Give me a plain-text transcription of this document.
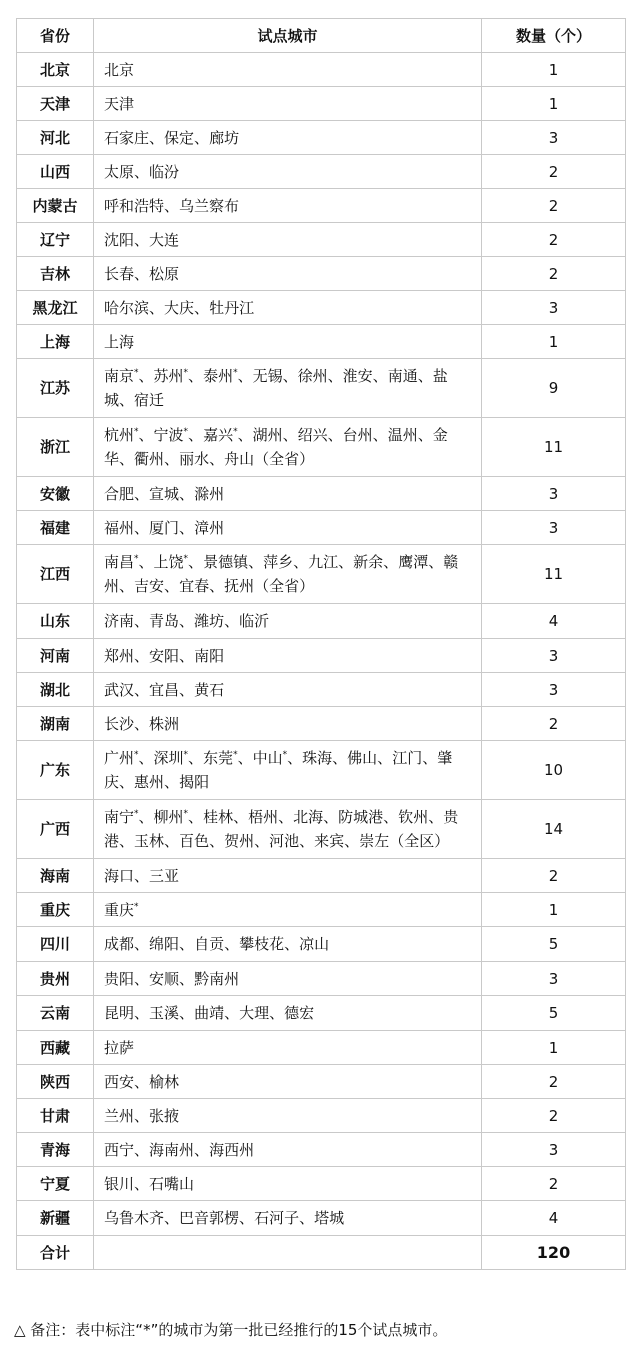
省份	试点城市	数量（个）
北京	北京	1
天津	天津	1
河北	石家庄、保定、廊坊	3
山西	太原、临汾	2
内蒙古	呼和浩特、乌兰察布	2
辽宁	沈阳、大连	2
吉林	长春、松原	2
黑龙江	哈尔滨、大庆、牡丹江	3
上海	上海	1
江苏	南京*、苏州*、泰州*、无锡、徐州、淮安、南通、盐城、宿迁	9
浙江	杭州*、宁波*、嘉兴*、湖州、绍兴、台州、温州、金华、衢州、丽水、舟山（全省）	11
安徽	合肥、宣城、滁州	3
福建	福州、厦门、漳州	3
江西	南昌*、上饶*、景德镇、萍乡、九江、新余、鹰潭、赣州、吉安、宜春、抚州（全省）	11
山东	济南、青岛、潍坊、临沂	4
河南	郑州、安阳、南阳	3
湖北	武汉、宜昌、黄石	3
湖南	长沙、株洲	2
广东	广州*、深圳*、东莞*、中山*、珠海、佛山、江门、肇庆、惠州、揭阳	10
广西	南宁*、柳州*、桂林、梧州、北海、防城港、钦州、贵港、玉林、百色、贺州、河池、来宾、崇左（全区）	14
海南	海口、三亚	2
重庆	重庆*	1
四川	成都、绵阳、自贡、攀枝花、凉山	5
贵州	贵阳、安顺、黔南州	3
云南	昆明、玉溪、曲靖、大理、德宏	5
西藏	拉萨	1
陕西	西安、榆林	2
甘肃	兰州、张掖	2
青海	西宁、海南州、海西州	3
宁夏	银川、石嘴山	2
新疆	乌鲁木齐、巴音郭楞、石河子、塔城	4
合计		120
△ 备注：表中标注“*”的城市为第一批已经推行的15个试点城市。
